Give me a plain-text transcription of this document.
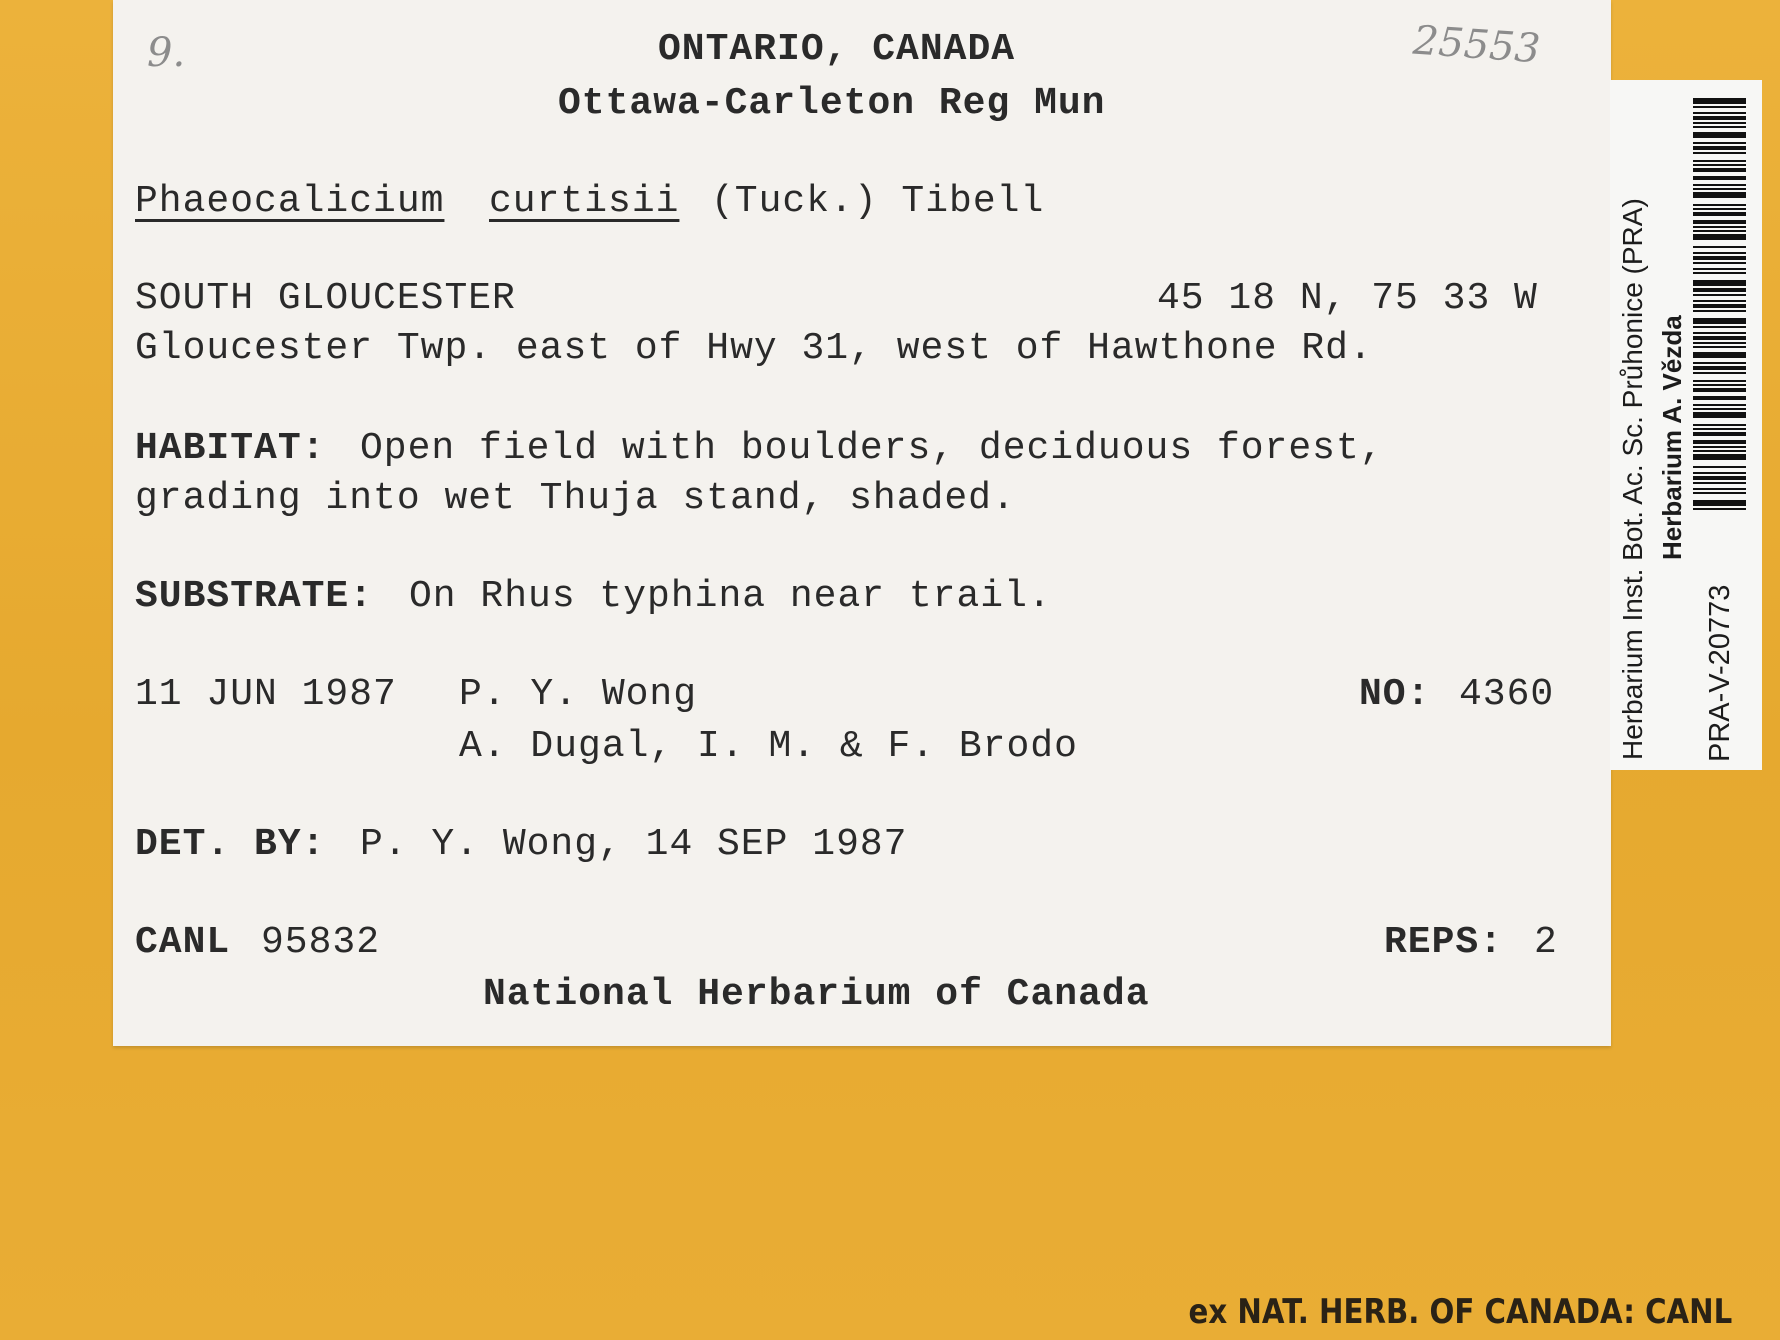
9.	25553
ONTARIO, CANADA
Ottawa-Carleton Reg Mun
Phaeocalicium curtisii (Tuck.) Tibell
SOUTH GLOUCESTER	45 18 N, 75 33 W
Gloucester Twp. east of Hwy 31, west of Hawthone Rd.
HABITAT: Open field with boulders, deciduous forest,
grading into wet Thuja stand, shaded.
SUBSTRATE: On Rhus typhina near trail.
11 JUN 1987 P. Y. Wong	NO: 4360
A. Dugal, I. M. & F. Brodo
DET. BY: P. Y. Wong, 14 SEP 1987
CANL 95832	REPS: 2
National Herbarium of Canada
Herbarium Inst. Bot. Ac. Sc. Průhonice (PRA) Herbarium A. Vězda
PRA-V-20773
ex NAT. HERB. OF CANADA: CANL
